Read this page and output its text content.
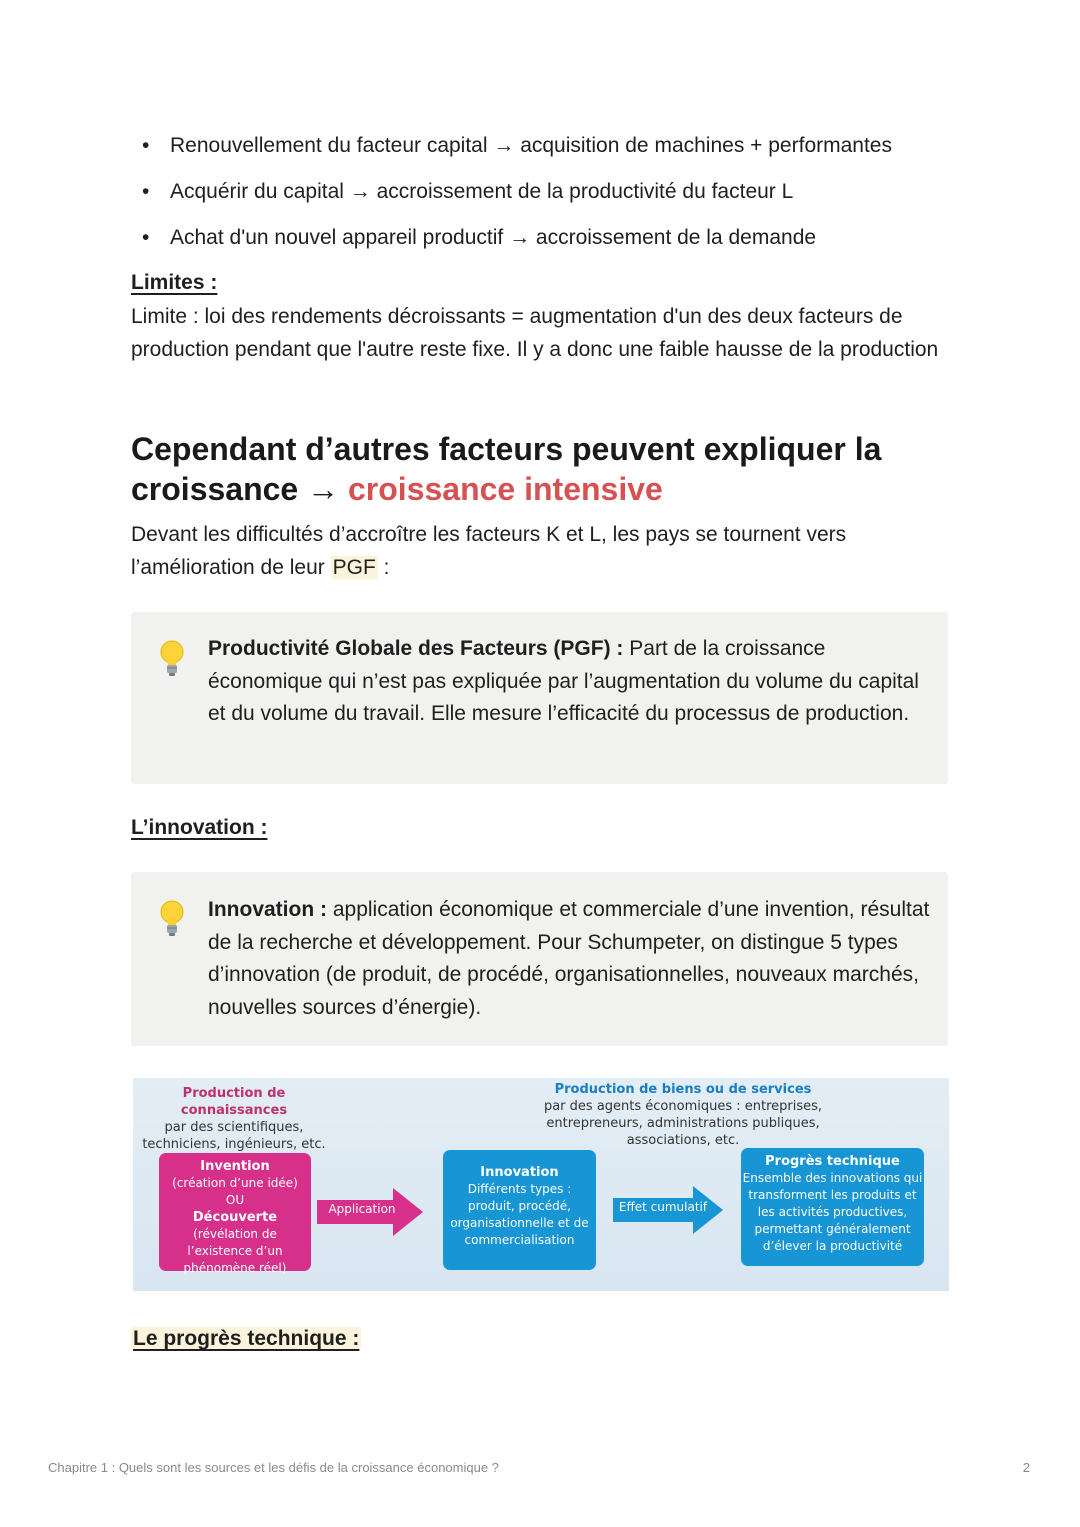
• Renouvellement du facteur capital → acquisition de machines + performantes
• Acquérir du capital → accroissement de la productivité du facteur L
• Achat d'un nouvel appareil productif → accroissement de la demande
Limites :

Limite : loi des rendements décroissants = augmentation d'un des deux facteurs de production pendant que l'autre reste fixe. Il y a donc une faible hausse de la production

Cependant d’autres facteurs peuvent expliquer la croissance → croissance intensive

Devant les difficultés d’accroître les facteurs K et L, les pays se tournent vers l’amélioration de leur PGF :

Productivité Globale des Facteurs (PGF) : Part de la croissance économique qui n’est pas expliquée par l’augmentation du volume du capital et du volume du travail. Elle mesure l’efficacité du processus de production.

L’innovation :

Innovation : application économique et commerciale d’une invention, résultat de la recherche et développement. Pour Schumpeter, on distingue 5 types d’innovation (de produit, de procédé, organisationnelles, nouveaux marchés, nouvelles sources d’énergie).

Production de connaissances
par des scientifiques, techniciens, ingénieurs, etc.
Production de biens ou de services
par des agents économiques : entreprises, entrepreneurs, administrations publiques, associations, etc.
Invention
(création d’une idée)
OU
Découverte
(révélation de l’existence d’un phénomène réel)
Application
Innovation
Différents types : produit, procédé, organisationnelle et de commercialisation
Effet cumulatif
Progrès technique
Ensemble des innovations qui transforment les produits et les activités productives, permettant généralement d’élever la productivité
Le progrès technique :
Chapitre 1 : Quels sont les sources et les défis de la croissance économique ?	2
